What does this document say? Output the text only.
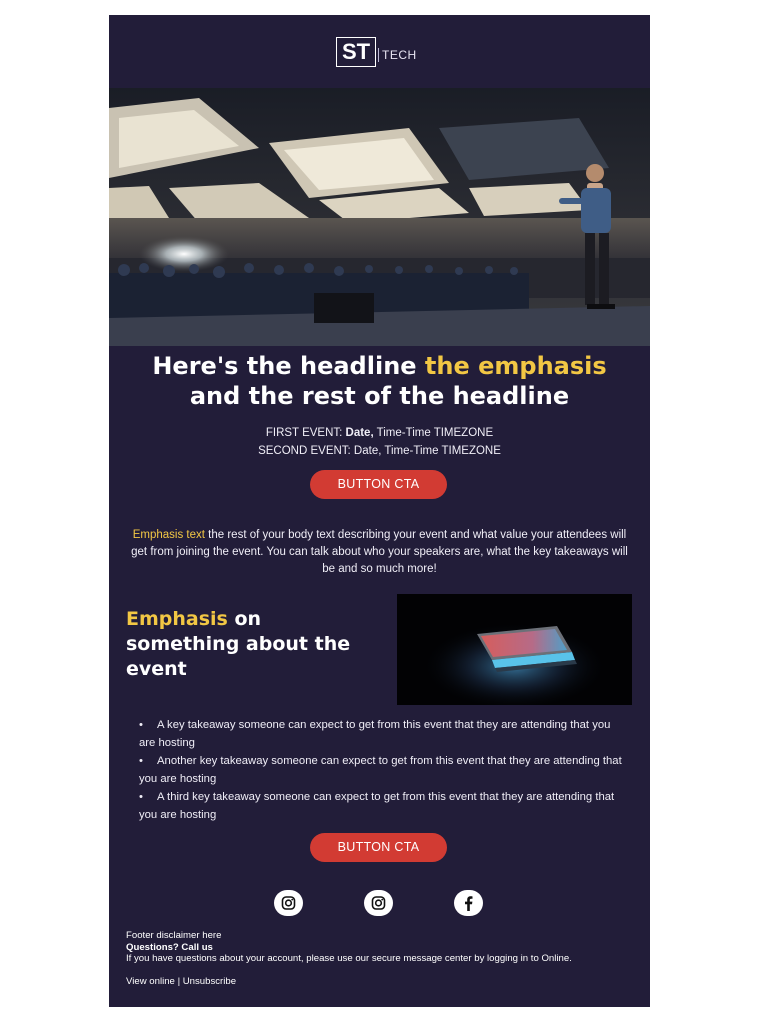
ST TECH
Here's the headline the emphasis
and the rest of the headline
FIRST EVENT: Date, Time-Time TIMEZONE
SECOND EVENT: Date, Time-Time TIMEZONE
BUTTON CTA
Emphasis text the rest of your body text describing your event and what value your attendees will get from joining the event. You can talk about who your speakers are, what the key takeaways will be and so much more!
Emphasis on something about the event
• A key takeaway someone can expect to get from this event that they are attending that you are hosting
• Another key takeaway someone can expect to get from this event that they are attending that you are hosting
• A third key takeaway someone can expect to get from this event that they are attending that you are hosting
BUTTON CTA
Footer disclaimer here
Questions? Call us
If you have questions about your account, please use our secure message center by logging in to Online.
View online | Unsubscribe
